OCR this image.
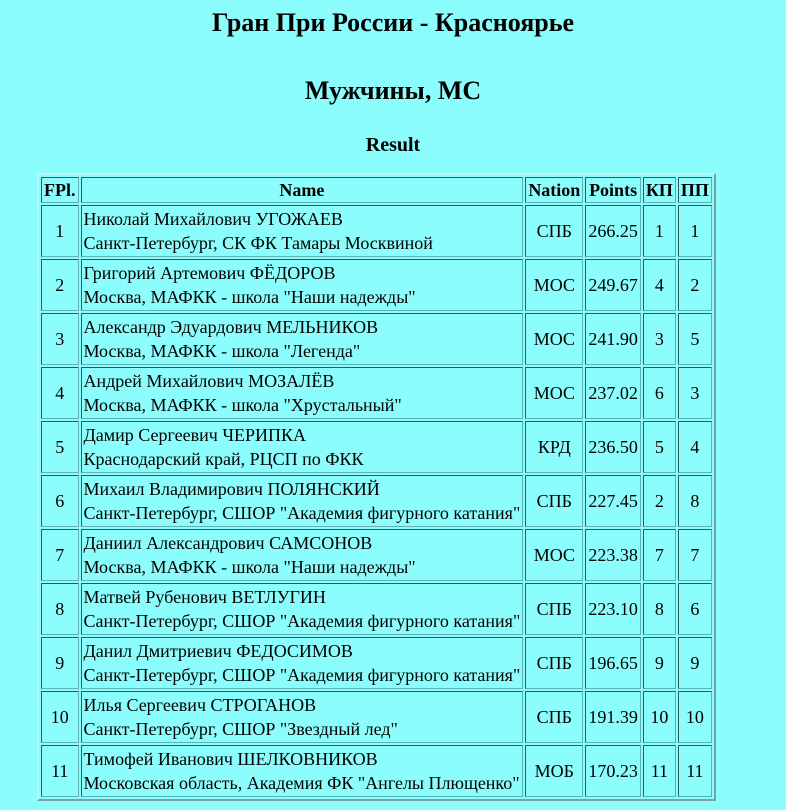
Гран При России - Красноярье
Мужчины, МС
Result
FPl.	Name	Nation	Points	КП	ПП
1	Николай Михайлович УГОЖАЕВ
Санкт-Петербург, СК ФК Тамары Москвиной	СПБ	266.25	1	1
2	Григорий Артемович ФЁДОРОВ
Москва, МАФКК - школа "Наши надежды"	МОС	249.67	4	2
3	Александр Эдуардович МЕЛЬНИКОВ
Москва, МАФКК - школа "Легенда"	МОС	241.90	3	5
4	Андрей Михайлович МОЗАЛЁВ
Москва, МАФКК - школа "Хрустальный"	МОС	237.02	6	3
5	Дамир Сергеевич ЧЕРИПКА
Краснодарский край, РЦСП по ФКК	КРД	236.50	5	4
6	Михаил Владимирович ПОЛЯНСКИЙ
Санкт-Петербург, СШОР "Академия фигурного катания"	СПБ	227.45	2	8
7	Даниил Александрович САМСОНОВ
Москва, МАФКК - школа "Наши надежды"	МОС	223.38	7	7
8	Матвей Рубенович ВЕТЛУГИН
Санкт-Петербург, СШОР "Академия фигурного катания"	СПБ	223.10	8	6
9	Данил Дмитриевич ФЕДОСИМОВ
Санкт-Петербург, СШОР "Академия фигурного катания"	СПБ	196.65	9	9
10	Илья Сергеевич СТРОГАНОВ
Санкт-Петербург, СШОР "Звездный лед"	СПБ	191.39	10	10
11	Тимофей Иванович ШЕЛКОВНИКОВ
Московская область, Академия ФК "Ангелы Плющенко"	МОБ	170.23	11	11
